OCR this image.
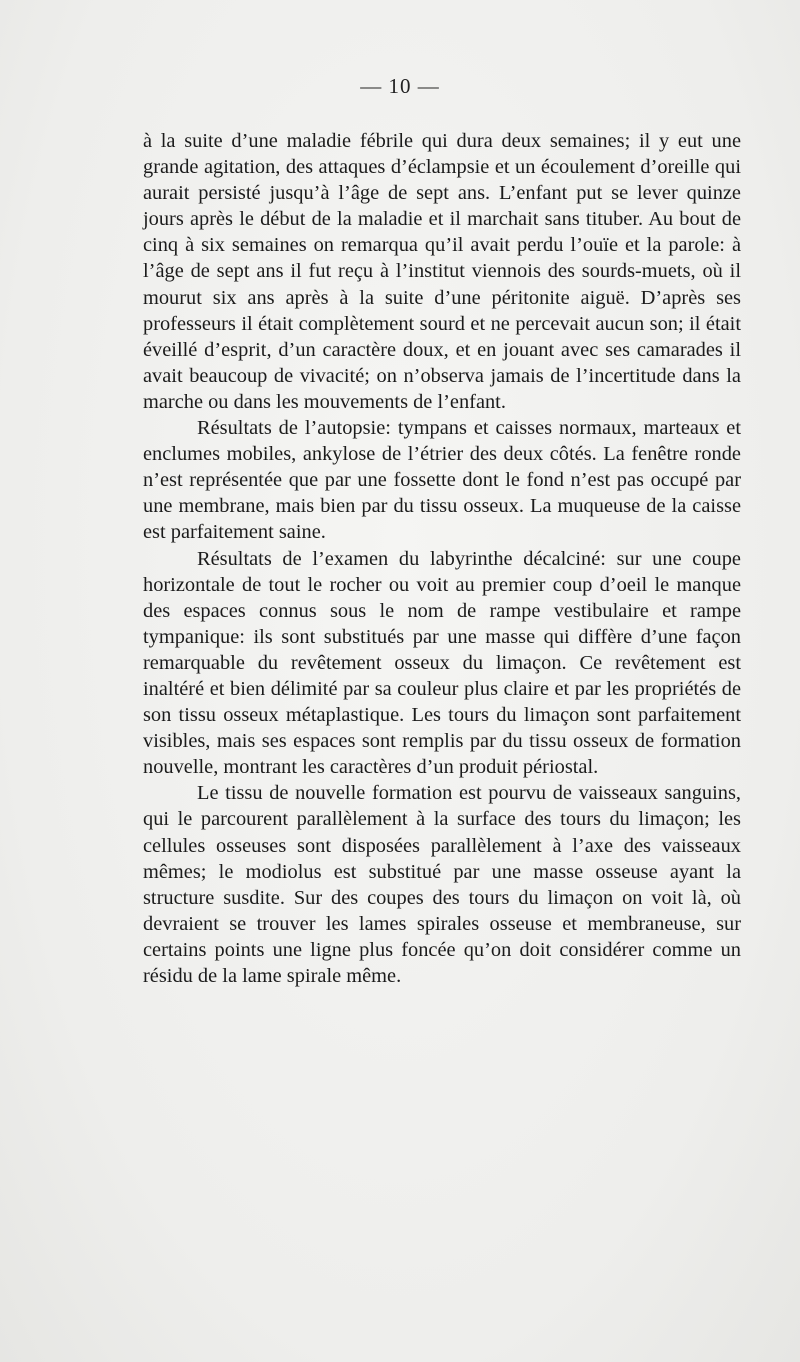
— 10 —

à la suite d’une maladie fébrile qui dura deux semaines; il y eut une grande agitation, des attaques d’éclampsie et un écoulement d’oreille qui aurait persisté jusqu’à l’âge de sept ans. L’enfant put se lever quinze jours après le début de la maladie et il marchait sans tituber. Au bout de cinq à six semaines on remarqua qu’il avait perdu l’ouïe et la parole: à l’âge de sept ans il fut reçu à l’institut viennois des sourds-muets, où il mourut six ans après à la suite d’une péritonite aiguë. D’après ses professeurs il était complètement sourd et ne percevait aucun son; il était éveillé d’esprit, d’un caractère doux, et en jouant avec ses camarades il avait beaucoup de vivacité; on n’observa jamais de l’incertitude dans la marche ou dans les mouvements de l’enfant.

Résultats de l’autopsie: tympans et caisses normaux, marteaux et enclumes mobiles, ankylose de l’étrier des deux côtés. La fenêtre ronde n’est représentée que par une fossette dont le fond n’est pas occupé par une membrane, mais bien par du tissu osseux. La muqueuse de la caisse est parfaitement saine.

Résultats de l’examen du labyrinthe décalciné: sur une coupe horizontale de tout le rocher ou voit au premier coup d’oeil le manque des espaces connus sous le nom de rampe vestibulaire et rampe tympanique: ils sont substitués par une masse qui diffère d’une façon remarquable du revêtement osseux du limaçon. Ce revêtement est inaltéré et bien délimité par sa couleur plus claire et par les propriétés de son tissu osseux métaplastique. Les tours du limaçon sont parfaitement visibles, mais ses espaces sont remplis par du tissu osseux de formation nouvelle, montrant les caractères d’un produit périostal.

Le tissu de nouvelle formation est pourvu de vaisseaux sanguins, qui le parcourent parallèlement à la surface des tours du limaçon; les cellules osseuses sont disposées parallèlement à l’axe des vaisseaux mêmes; le modiolus est substitué par une masse osseuse ayant la structure susdite. Sur des coupes des tours du limaçon on voit là, où devraient se trouver les lames spirales osseuse et membraneuse, sur certains points une ligne plus foncée qu’on doit considérer comme un résidu de la lame spirale même.
